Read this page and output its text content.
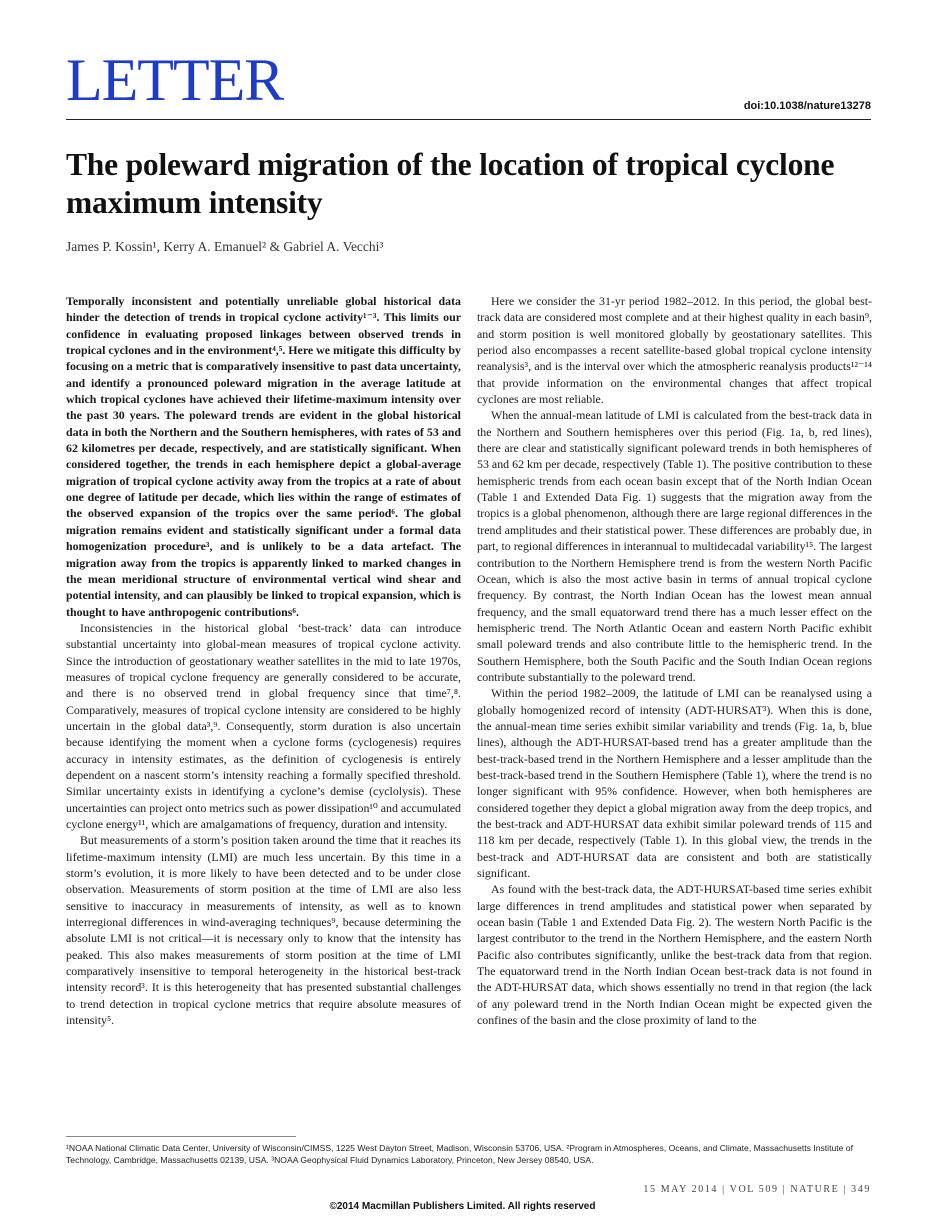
LETTER	doi:10.1038/nature13278
The poleward migration of the location of tropical cyclone maximum intensity
James P. Kossin¹, Kerry A. Emanuel² & Gabriel A. Vecchi³

Temporally inconsistent and potentially unreliable global historical data hinder the detection of trends in tropical cyclone activity¹⁻³. This limits our confidence in evaluating proposed linkages between observed trends in tropical cyclones and in the environment⁴,⁵. Here we mitigate this difficulty by focusing on a metric that is comparatively insensitive to past data uncertainty, and identify a pronounced poleward migration in the average latitude at which tropical cyclones have achieved their lifetime-maximum intensity over the past 30 years. The poleward trends are evident in the global historical data in both the Northern and the Southern hemispheres, with rates of 53 and 62 kilometres per decade, respectively, and are statistically significant. When considered together, the trends in each hemisphere depict a global-average migration of tropical cyclone activity away from the tropics at a rate of about one degree of latitude per decade, which lies within the range of estimates of the observed expansion of the tropics over the same period⁶. The global migration remains evident and statistically significant under a formal data homogenization procedure³, and is unlikely to be a data artefact. The migration away from the tropics is apparently linked to marked changes in the mean meridional structure of environmental vertical wind shear and potential intensity, and can plausibly be linked to tropical expansion, which is thought to have anthropogenic contributions⁶.

Inconsistencies in the historical global ‘best-track’ data can introduce substantial uncertainty into global-mean measures of tropical cyclone activity. Since the introduction of geostationary weather satellites in the mid to late 1970s, measures of tropical cyclone frequency are generally considered to be accurate, and there is no observed trend in global frequency since that time⁷,⁸. Comparatively, measures of tropical cyclone intensity are considered to be highly uncertain in the global data³,⁹. Consequently, storm duration is also uncertain because identifying the moment when a cyclone forms (cyclogenesis) requires accuracy in intensity estimates, as the definition of cyclogenesis is entirely dependent on a nascent storm’s intensity reaching a formally specified threshold. Similar uncertainty exists in identifying a cyclone’s demise (cyclolysis). These uncertainties can project onto metrics such as power dissipation¹⁰ and accumulated cyclone energy¹¹, which are amalgamations of frequency, duration and intensity.

But measurements of a storm’s position taken around the time that it reaches its lifetime-maximum intensity (LMI) are much less uncertain. By this time in a storm’s evolution, it is more likely to have been detected and to be under close observation. Measurements of storm position at the time of LMI are also less sensitive to inaccuracy in measurements of intensity, as well as to known interregional differences in wind-averaging techniques⁹, because determining the absolute LMI is not critical—it is necessary only to know that the intensity has peaked. This also makes measurements of storm position at the time of LMI comparatively insensitive to temporal heterogeneity in the historical best-track intensity record³. It is this heterogeneity that has presented substantial challenges to trend detection in tropical cyclone metrics that require absolute measures of intensity⁵.

Here we consider the 31-yr period 1982–2012. In this period, the global best-track data are considered most complete and at their highest quality in each basin⁹, and storm position is well monitored globally by geostationary satellites. This period also encompasses a recent satellite-based global tropical cyclone intensity reanalysis³, and is the interval over which the atmospheric reanalysis products¹²⁻¹⁴ that provide information on the environmental changes that affect tropical cyclones are most reliable.

When the annual-mean latitude of LMI is calculated from the best-track data in the Northern and Southern hemispheres over this period (Fig. 1a, b, red lines), there are clear and statistically significant poleward trends in both hemispheres of 53 and 62 km per decade, respectively (Table 1). The positive contribution to these hemispheric trends from each ocean basin except that of the North Indian Ocean (Table 1 and Extended Data Fig. 1) suggests that the migration away from the tropics is a global phenomenon, although there are large regional differences in the trend amplitudes and their statistical power. These differences are probably due, in part, to regional differences in interannual to multidecadal variability¹⁵. The largest contribution to the Northern Hemisphere trend is from the western North Pacific Ocean, which is also the most active basin in terms of annual tropical cyclone frequency. By contrast, the North Indian Ocean has the lowest mean annual frequency, and the small equatorward trend there has a much lesser effect on the hemispheric trend. The North Atlantic Ocean and eastern North Pacific exhibit small poleward trends and also contribute little to the hemispheric trend. In the Southern Hemisphere, both the South Pacific and the South Indian Ocean regions contribute substantially to the poleward trend.

Within the period 1982–2009, the latitude of LMI can be reanalysed using a globally homogenized record of intensity (ADT-HURSAT³). When this is done, the annual-mean time series exhibit similar variability and trends (Fig. 1a, b, blue lines), although the ADT-HURSAT-based trend has a greater amplitude than the best-track-based trend in the Northern Hemisphere and a lesser amplitude than the best-track-based trend in the Southern Hemisphere (Table 1), where the trend is no longer significant with 95% confidence. However, when both hemispheres are considered together they depict a global migration away from the deep tropics, and the best-track and ADT-HURSAT data exhibit similar poleward trends of 115 and 118 km per decade, respectively (Table 1). In this global view, the trends in the best-track and ADT-HURSAT data are consistent and both are statistically significant.

As found with the best-track data, the ADT-HURSAT-based time series exhibit large differences in trend amplitudes and statistical power when separated by ocean basin (Table 1 and Extended Data Fig. 2). The western North Pacific is the largest contributor to the trend in the Northern Hemisphere, and the eastern North Pacific also contributes significantly, unlike the best-track data from that region. The equatorward trend in the North Indian Ocean best-track data is not found in the ADT-HURSAT data, which shows essentially no trend in that region (the lack of any poleward trend in the North Indian Ocean might be expected given the confines of the basin and the close proximity of land to the

¹NOAA National Climatic Data Center, University of Wisconsin/CIMSS, 1225 West Dayton Street, Madison, Wisconsin 53706, USA. ²Program in Atmospheres, Oceans, and Climate, Massachusetts Institute of Technology, Cambridge, Massachusetts 02139, USA. ³NOAA Geophysical Fluid Dynamics Laboratory, Princeton, New Jersey 08540, USA.
15 MAY 2014 | VOL 509 | NATURE | 349
©2014 Macmillan Publishers Limited. All rights reserved
